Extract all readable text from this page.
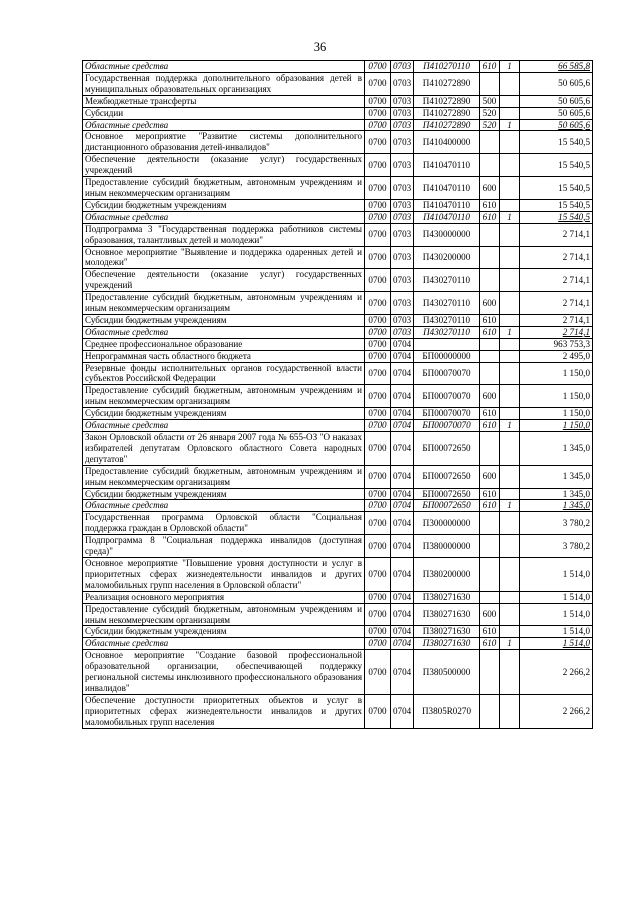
36
Областные средства	0700	0703	П410270110	610	1	66 585,8
Государственная поддержка дополнительного образования детей в муниципальных образовательных организациях	0700	0703	П410272890			50 605,6
Межбюджетные трансферты	0700	0703	П410272890	500		50 605,6
Субсидии	0700	0703	П410272890	520		50 605,6
Областные средства	0700	0703	П410272890	520	1	50 605,6
Основное мероприятие "Развитие системы дополнительного дистанционного образования детей-инвалидов"	0700	0703	П410400000			15 540,5
Обеспечение деятельности (оказание услуг) государственных учреждений	0700	0703	П410470110			15 540,5
Предоставление субсидий бюджетным, автономным учреждениям и иным некоммерческим организациям	0700	0703	П410470110	600		15 540,5
Субсидии бюджетным учреждениям	0700	0703	П410470110	610		15 540,5
Областные средства	0700	0703	П410470110	610	1	15 540,5
Подпрограмма 3 "Государственная поддержка работников системы образования, талантливых детей и молодежи"	0700	0703	П430000000			2 714,1
Основное мероприятие "Выявление и поддержка одаренных детей и молодежи"	0700	0703	П430200000			2 714,1
Обеспечение деятельности (оказание услуг) государственных учреждений	0700	0703	П430270110			2 714,1
Предоставление субсидий бюджетным, автономным учреждениям и иным некоммерческим организациям	0700	0703	П430270110	600		2 714,1
Субсидии бюджетным учреждениям	0700	0703	П430270110	610		2 714,1
Областные средства	0700	0703	П430270110	610	1	2 714,1
Среднее профессиональное образование	0700	0704				963 753,3
Непрограммная часть областного бюджета	0700	0704	БП00000000			2 495,0
Резервные фонды исполнительных органов государственной власти субъектов Российской Федерации	0700	0704	БП00070070			1 150,0
Предоставление субсидий бюджетным, автономным учреждениям и иным некоммерческим организациям	0700	0704	БП00070070	600		1 150,0
Субсидии бюджетным учреждениям	0700	0704	БП00070070	610		1 150,0
Областные средства	0700	0704	БП00070070	610	1	1 150,0
Закон Орловской области от 26 января 2007 года № 655-ОЗ "О наказах избирателей депутатам Орловского областного Совета народных депутатов"	0700	0704	БП00072650			1 345,0
Предоставление субсидий бюджетным, автономным учреждениям и иным некоммерческим организациям	0700	0704	БП00072650	600		1 345,0
Субсидии бюджетным учреждениям	0700	0704	БП00072650	610		1 345,0
Областные средства	0700	0704	БП00072650	610	1	1 345,0
Государственная программа Орловской области "Социальная поддержка граждан в Орловской области"	0700	0704	П300000000			3 780,2
Подпрограмма 8 "Социальная поддержка инвалидов (доступная среда)"	0700	0704	П380000000			3 780,2
Основное мероприятие "Повышение уровня доступности и услуг в приоритетных сферах жизнедеятельности инвалидов и других маломобильных групп населения в Орловской области"	0700	0704	П380200000			1 514,0
Реализация основного мероприятия	0700	0704	П380271630			1 514,0
Предоставление субсидий бюджетным, автономным учреждениям и иным некоммерческим организациям	0700	0704	П380271630	600		1 514,0
Субсидии бюджетным учреждениям	0700	0704	П380271630	610		1 514,0
Областные средства	0700	0704	П380271630	610	1	1 514,0
Основное мероприятие "Создание базовой профессиональной образовательной организации, обеспечивающей поддержку региональной системы инклюзивного профессионального образования инвалидов"	0700	0704	П380500000			2 266,2
Обеспечение доступности приоритетных объектов и услуг в приоритетных сферах жизнедеятельности инвалидов и других маломобильных групп населения	0700	0704	П3805R0270			2 266,2
